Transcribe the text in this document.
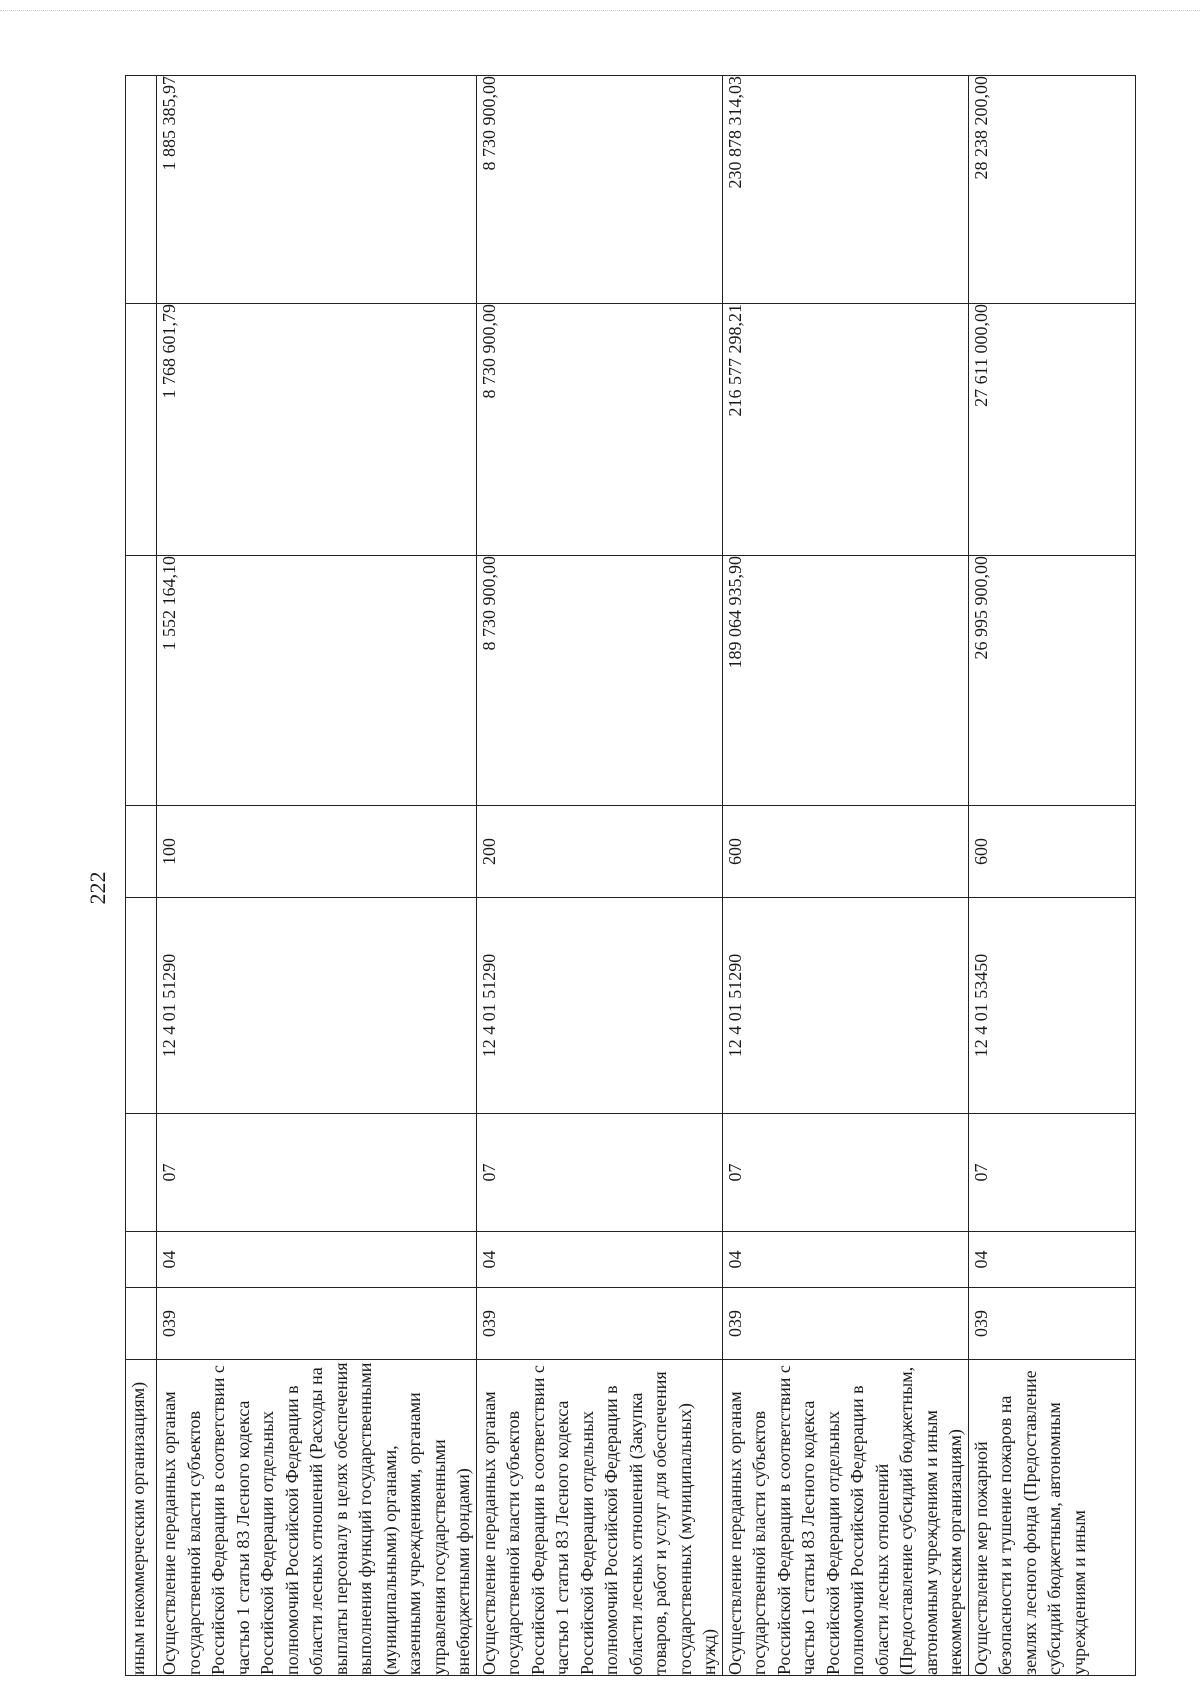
222
иным некоммерческим организациям)								
Осуществление переданных органам государственной власти субъектов Российской Федерации в соответствии с частью 1 статьи 83 Лесного кодекса Российской Федерации отдельных полномочий Российской Федерации в области лесных отношений (Расходы на выплаты персоналу в целях обеспечения выполнения функций государственными (муниципальными) органами, казенными учреждениями, органами управления государственными внебюджетными фондами)	039	04	07	12 4 01 51290	100	1 552 164,10	1 768 601,79	1 885 385,97
Осуществление переданных органам государственной власти субъектов Российской Федерации в соответствии с частью 1 статьи 83 Лесного кодекса Российской Федерации отдельных полномочий Российской Федерации в области лесных отношений (Закупка товаров, работ и услуг для обеспечения государственных (муниципальных) нужд)	039	04	07	12 4 01 51290	200	8 730 900,00	8 730 900,00	8 730 900,00
Осуществление переданных органам государственной власти субъектов Российской Федерации в соответствии с частью 1 статьи 83 Лесного кодекса Российской Федерации отдельных полномочий Российской Федерации в области лесных отношений (Предоставление субсидий бюджетным, автономным учреждениям и иным некоммерческим организациям)	039	04	07	12 4 01 51290	600	189 064 935,90	216 577 298,21	230 878 314,03
Осуществление мер пожарной безопасности и тушение пожаров на землях лесного фонда (Предоставление субсидий бюджетным, автономным учреждениям и иным	039	04	07	12 4 01 53450	600	26 995 900,00	27 611 000,00	28 238 200,00
